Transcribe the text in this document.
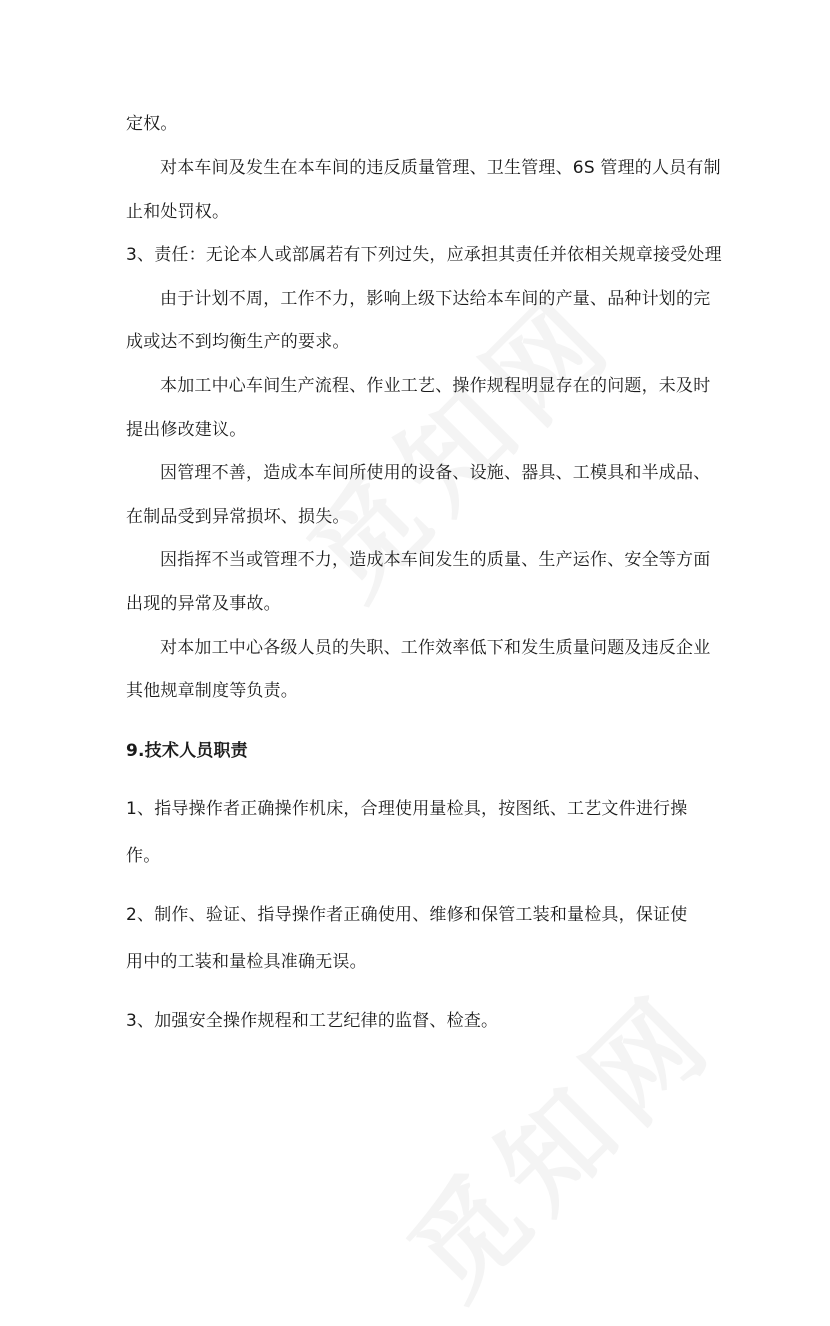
定权。
对本车间及发生在本车间的违反质量管理、卫生管理、6S 管理的人员有制
止和处罚权。
3、责任：无论本人或部属若有下列过失，应承担其责任并依相关规章接受处理
由于计划不周，工作不力，影响上级下达给本车间的产量、品种计划的完
成或达不到均衡生产的要求。
本加工中心车间生产流程、作业工艺、操作规程明显存在的问题，未及时
提出修改建议。
因管理不善，造成本车间所使用的设备、设施、器具、工模具和半成品、
在制品受到异常损坏、损失。
因指挥不当或管理不力，造成本车间发生的质量、生产运作、安全等方面
出现的异常及事故。
对本加工中心各级人员的失职、工作效率低下和发生质量问题及违反企业
其他规章制度等负责。
9.技术人员职责
1、指导操作者正确操作机床，合理使用量检具，按图纸、工艺文件进行操
作。
2、制作、验证、指导操作者正确使用、维修和保管工装和量检具，保证使
用中的工装和量检具准确无误。
3、加强安全操作规程和工艺纪律的监督、检查。
